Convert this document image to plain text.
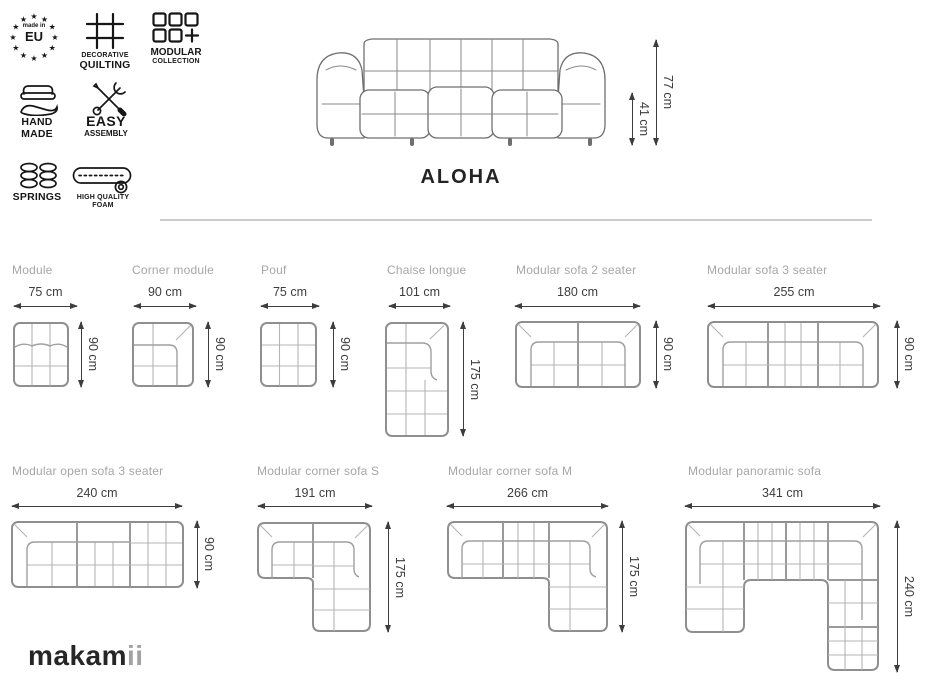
★ ★
★
★
★
★
★
★
★
★
★
★
made in
EU
DECORATIVE
QUILTING
MODULAR
COLLECTION
HAND
MADE
EASY
ASSEMBLY
SPRINGS	HIGH QUALITY
FOAM
41 cm
77 cm
ALOHA
Module
75 cm
90 cm
Corner module
90 cm
90 cm
Pouf
75 cm
90 cm
Chaise longue
101 cm
175 cm
Modular sofa 2 seater
180 cm
90 cm
Modular sofa 3 seater
255 cm
90 cm
Modular open sofa 3 seater
240 cm
90 cm
Modular corner sofa S
191 cm
175 cm
Modular corner sofa M
266 cm
175 cm
Modular panoramic sofa
341 cm
240 cm
makamii
